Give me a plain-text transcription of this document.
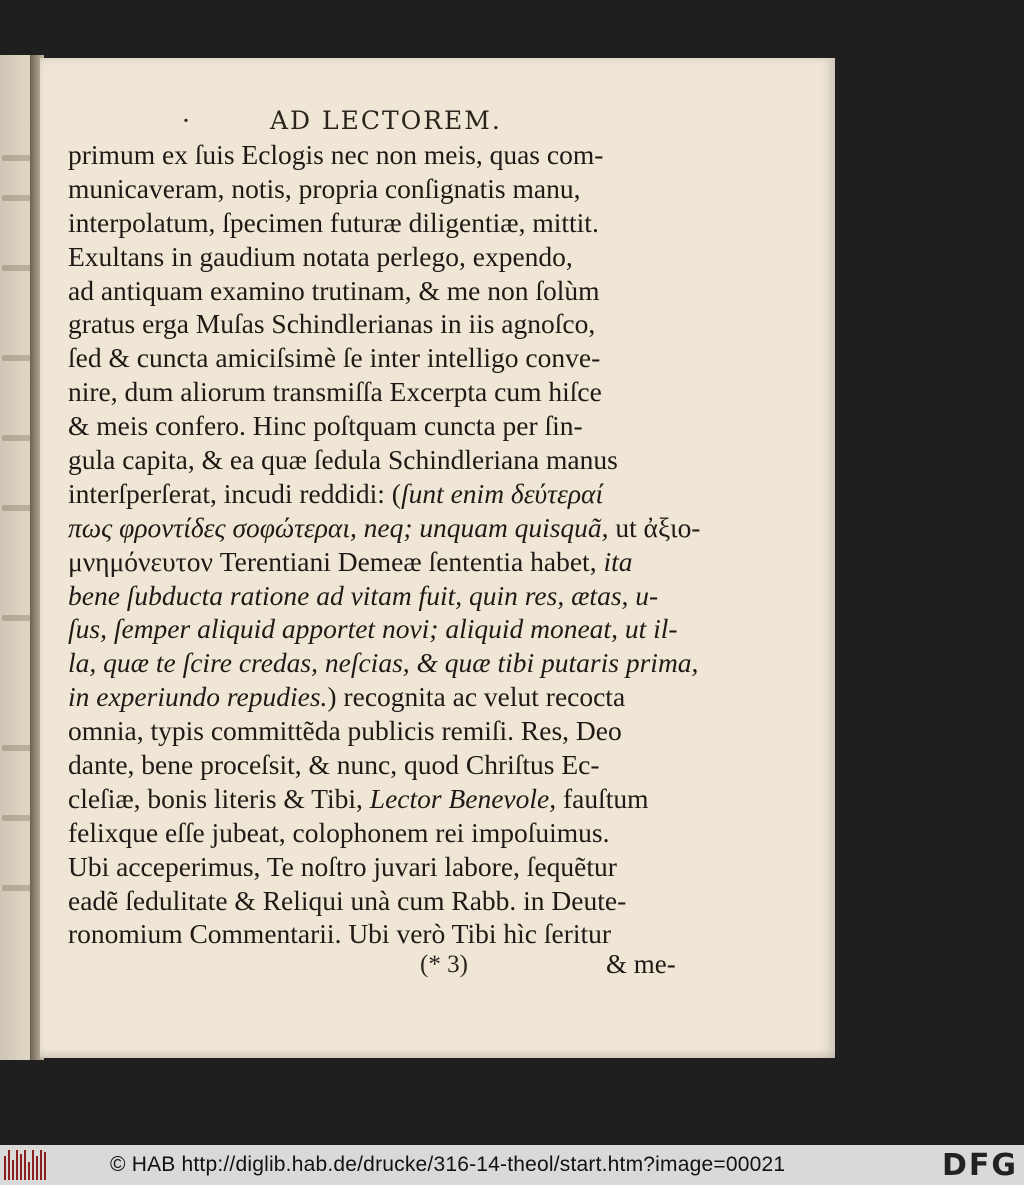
·	AD LECTOREM.
primum ex ſuis Eclogis nec non meis, quas com-
municaveram, notis, propria conſignatis manu,
interpolatum, ſpecimen futuræ diligentiæ, mittit.
Exultans in gaudium notata perlego, expendo,
ad antiquam examino trutinam, & me non ſolùm
gratus erga Muſas Schindlerianas in iis agnoſco,
ſed & cuncta amiciſsimè ſe inter intelligo conve-
nire, dum aliorum transmiſſa Excerpta cum hiſce
& meis confero. Hinc poſtquam cuncta per ſin-
gula capita, & ea quæ ſedula Schindleriana manus
interſperſerat, incudi reddidi: (ſunt enim δεύτεραί
πως φροντίδες σοφώτεραι, neq; unquam quisquã, ut ἀξιο-
μνημόνευτον Terentiani Demeæ ſententia habet, ita
bene ſubducta ratione ad vitam fuit, quin res, ætas, u-
ſus, ſemper aliquid apportet novi; aliquid moneat, ut il-
la, quæ te ſcire credas, neſcias, & quæ tibi putaris prima,
in experiundo repudies.) recognita ac velut recocta
omnia, typis committẽda publicis remiſi. Res, Deo
dante, bene proceſsit, & nunc, quod Chriſtus Ec-
cleſiæ, bonis literis & Tibi, Lector Benevole, fauſtum
felixque eſſe jubeat, colophonem rei impoſuimus.
Ubi acceperimus, Te noſtro juvari labore, ſequẽtur
eadẽ ſedulitate & Reliqui unà cum Rabb. in Deute-
ronomium Commentarii. Ubi verò Tibi hìc ſeritur
(* 3)	& me-
© HAB http://diglib.hab.de/drucke/316-14-theol/start.htm?image=00021	DFG
